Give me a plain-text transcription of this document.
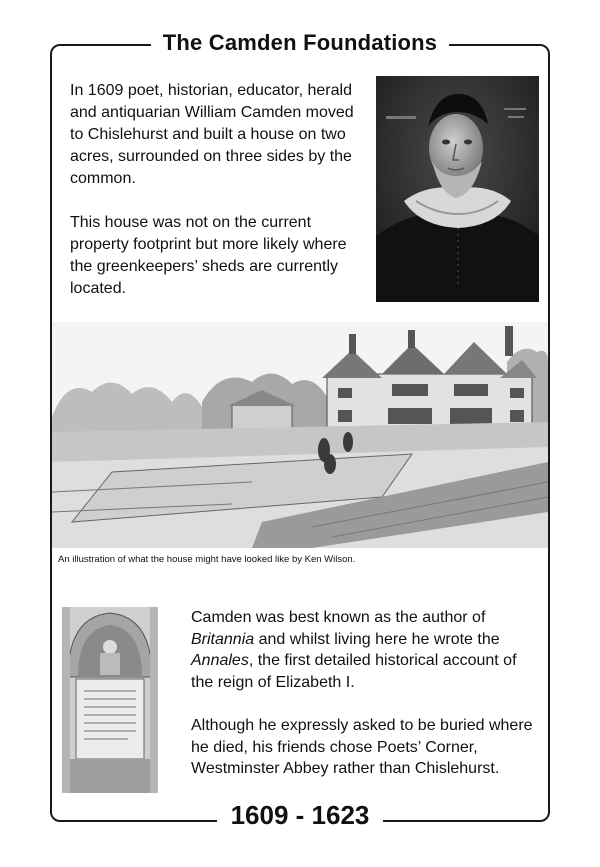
The Camden Foundations

In 1609 poet, historian, educator, herald and antiquarian William Camden moved to Chislehurst and built a house on two acres, surrounded on three sides by the common.

This house was not on the current property footprint but more likely where the greenkeepers’ sheds are currently located.

An illustration of what the house might have looked like by Ken Wilson.

Camden was best known as the author of Britannia and whilst living here he wrote the Annales, the first detailed historical account of the reign of Elizabeth I.

Although he expressly asked to be buried where he died, his friends chose Poets’ Corner, Westminster Abbey rather than Chislehurst.

1609 - 1623
